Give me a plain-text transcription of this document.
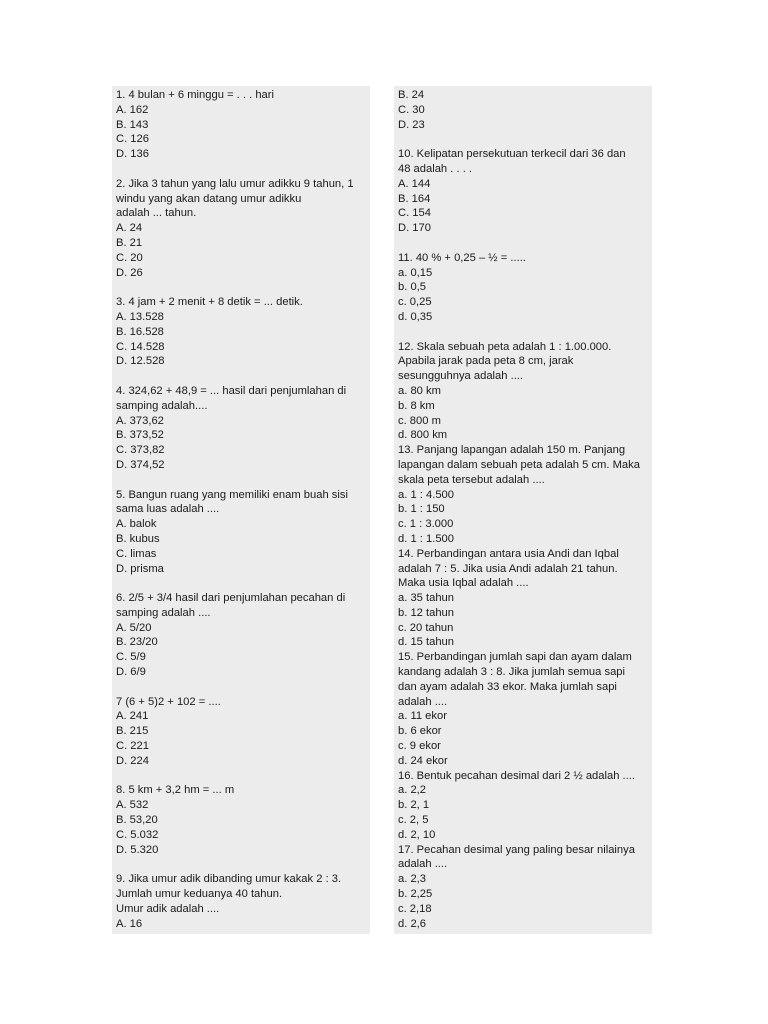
1. 4 bulan + 6 minggu = . . . hari
A. 162
B. 143
C. 126
D. 136
2. Jika 3 tahun yang lalu umur adikku 9 tahun, 1
windu yang akan datang umur adikku
adalah ... tahun.
A. 24
B. 21
C. 20
D. 26
3. 4 jam + 2 menit + 8 detik = ... detik.
A. 13.528
B. 16.528
C. 14.528
D. 12.528
4. 324,62 + 48,9 = ... hasil dari penjumlahan di
samping adalah....
A. 373,62
B. 373,52
C. 373,82
D. 374,52
5. Bangun ruang yang memiliki enam buah sisi
sama luas adalah ....
A. balok
B. kubus
C. limas
D. prisma
6. 2/5 + 3/4 hasil dari penjumlahan pecahan di
samping adalah ....
A. 5/20
B. 23/20
C. 5/9
D. 6/9
7 (6 + 5)2 + 102 = ....
A. 241
B. 215
C. 221
D. 224
8. 5 km + 3,2 hm = ... m
A. 532
B. 53,20
C. 5.032
D. 5.320
9. Jika umur adik dibanding umur kakak 2 : 3.
Jumlah umur keduanya 40 tahun.
Umur adik adalah ....
A. 16
B. 24
C. 30
D. 23
10. Kelipatan persekutuan terkecil dari 36 dan
48 adalah . . . .
A. 144
B. 164
C. 154
D. 170
11. 40 % + 0,25 – ½ = .....
a. 0,15
b. 0,5
c. 0,25
d. 0,35
12. Skala sebuah peta adalah 1 : 1.00.000.
Apabila jarak pada peta 8 cm, jarak
sesungguhnya adalah ....
a. 80 km
b. 8 km
c. 800 m
d. 800 km
13. Panjang lapangan adalah 150 m. Panjang
lapangan dalam sebuah peta adalah 5 cm. Maka
skala peta tersebut adalah ....
a. 1 : 4.500
b. 1 : 150
c. 1 : 3.000
d. 1 : 1.500
14. Perbandingan antara usia Andi dan Iqbal
adalah 7 : 5. Jika usia Andi adalah 21 tahun.
Maka usia Iqbal adalah ....
a. 35 tahun
b. 12 tahun
c. 20 tahun
d. 15 tahun
15. Perbandingan jumlah sapi dan ayam dalam
kandang adalah 3 : 8. Jika jumlah semua sapi
dan ayam adalah 33 ekor. Maka jumlah sapi
adalah ....
a. 11 ekor
b. 6 ekor
c. 9 ekor
d. 24 ekor
16. Bentuk pecahan desimal dari 2 ½ adalah ....
a. 2,2
b. 2, 1
c. 2, 5
d. 2, 10
17. Pecahan desimal yang paling besar nilainya
adalah ....
a. 2,3
b. 2,25
c. 2,18
d. 2,6
